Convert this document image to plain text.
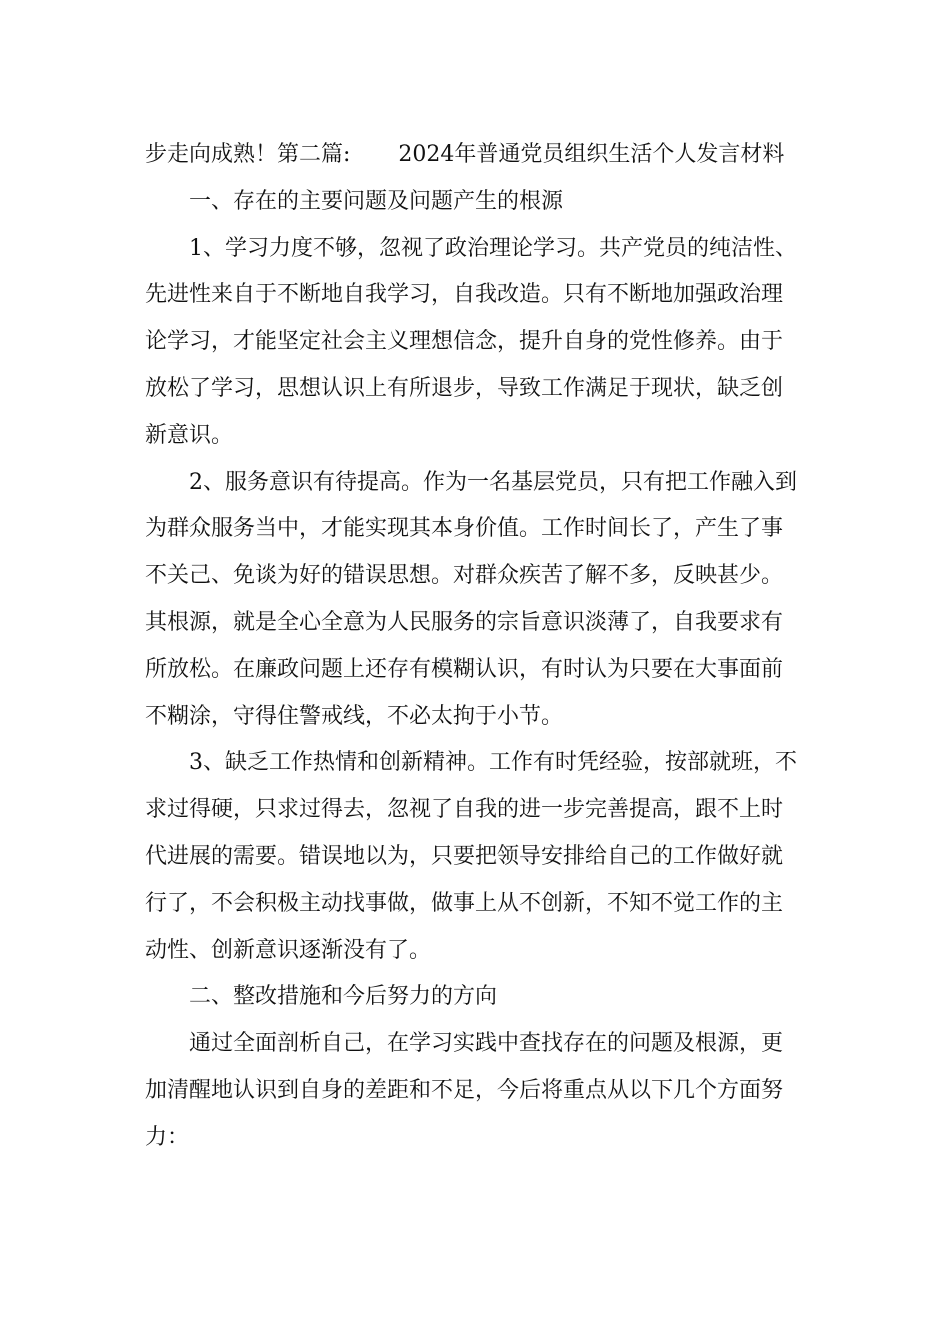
步走向成熟！第二篇: 2024年普通党员组织生活个人发言材料
一、存在的主要问题及问题产生的根源
1、学习力度不够，忽视了政治理论学习。共产党员的纯洁性、
先进性来自于不断地自我学习，自我改造。只有不断地加强政治理
论学习，才能坚定社会主义理想信念，提升自身的党性修养。由于
放松了学习，思想认识上有所退步，导致工作满足于现状，缺乏创
新意识。
2、服务意识有待提高。作为一名基层党员，只有把工作融入到
为群众服务当中，才能实现其本身价值。工作时间长了，产生了事
不关己、免谈为好的错误思想。对群众疾苦了解不多，反映甚少。
其根源，就是全心全意为人民服务的宗旨意识淡薄了，自我要求有
所放松。在廉政问题上还存有模糊认识，有时认为只要在大事面前
不糊涂，守得住警戒线，不必太拘于小节。
3、缺乏工作热情和创新精神。工作有时凭经验，按部就班，不
求过得硬，只求过得去，忽视了自我的进一步完善提高，跟不上时
代进展的需要。错误地以为，只要把领导安排给自己的工作做好就
行了，不会积极主动找事做，做事上从不创新，不知不觉工作的主
动性、创新意识逐渐没有了。
二、整改措施和今后努力的方向
通过全面剖析自己，在学习实践中查找存在的问题及根源，更
加清醒地认识到自身的差距和不足，今后将重点从以下几个方面努
力：
